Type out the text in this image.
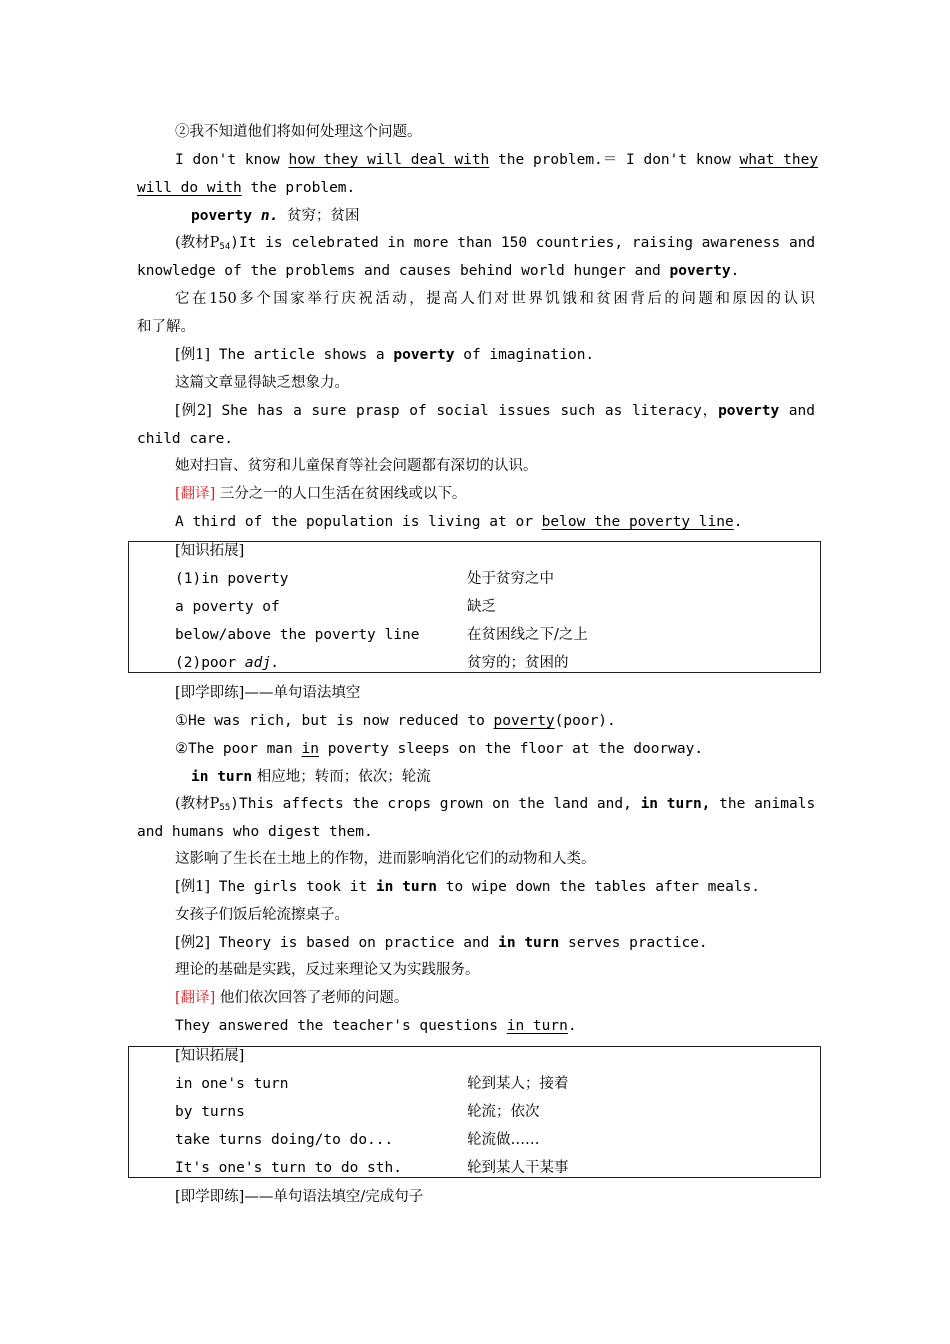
②我不知道他们将如何处理这个问题。
I don't know how they will deal with the problem.＝ I don't know what they
will do with the problem.
poverty n. 贫穷；贫困
(教材$P_{54})It$ is celebrated in more than 150 countries, raising awareness and
knowledge of the problems and causes behind world hunger and poverty.
它在150多个国家举行庆祝活动，提高人们对世界饥饿和贫困背后的问题和原因的认识
和了解。
[例1] The article shows a poverty of imagination.
这篇文章显得缺乏想象力。
[例2] She has a sure prasp of social issues such as literacy，poverty and
child care.
她对扫盲、贫穷和儿童保育等社会问题都有深切的认识。
[翻译] 三分之一的人口生活在贫困线或以下。
A third of the population is living at or below the poverty line.
[知识拓展]
(1)in poverty	处于贫穷之中
a poverty of	缺乏
below/above the poverty line	在贫困线之下/之上
(2)poor adj.	贫穷的；贫困的
[即学即练]——单句语法填空
①He was rich, but is now reduced to poverty(poor).
②The poor man in poverty sleeps on the floor at the doorway.
in turn 相应地；转而；依次；轮流
(教材$P_{55})This$ affects the crops grown on the land and, in turn, the animals
and humans who digest them.
这影响了生长在土地上的作物，进而影响消化它们的动物和人类。
[例1] The girls took it in turn to wipe down the tables after meals.
女孩子们饭后轮流擦桌子。
[例2] Theory is based on practice and in turn serves practice.
理论的基础是实践，反过来理论又为实践服务。
[翻译] 他们依次回答了老师的问题。
They answered the teacher's questions in turn.
[知识拓展]
in one's turn	轮到某人；接着
by turns	轮流；依次
take turns doing/to do...	轮流做……
It's one's turn to do sth.	轮到某人干某事
[即学即练]——单句语法填空/完成句子
